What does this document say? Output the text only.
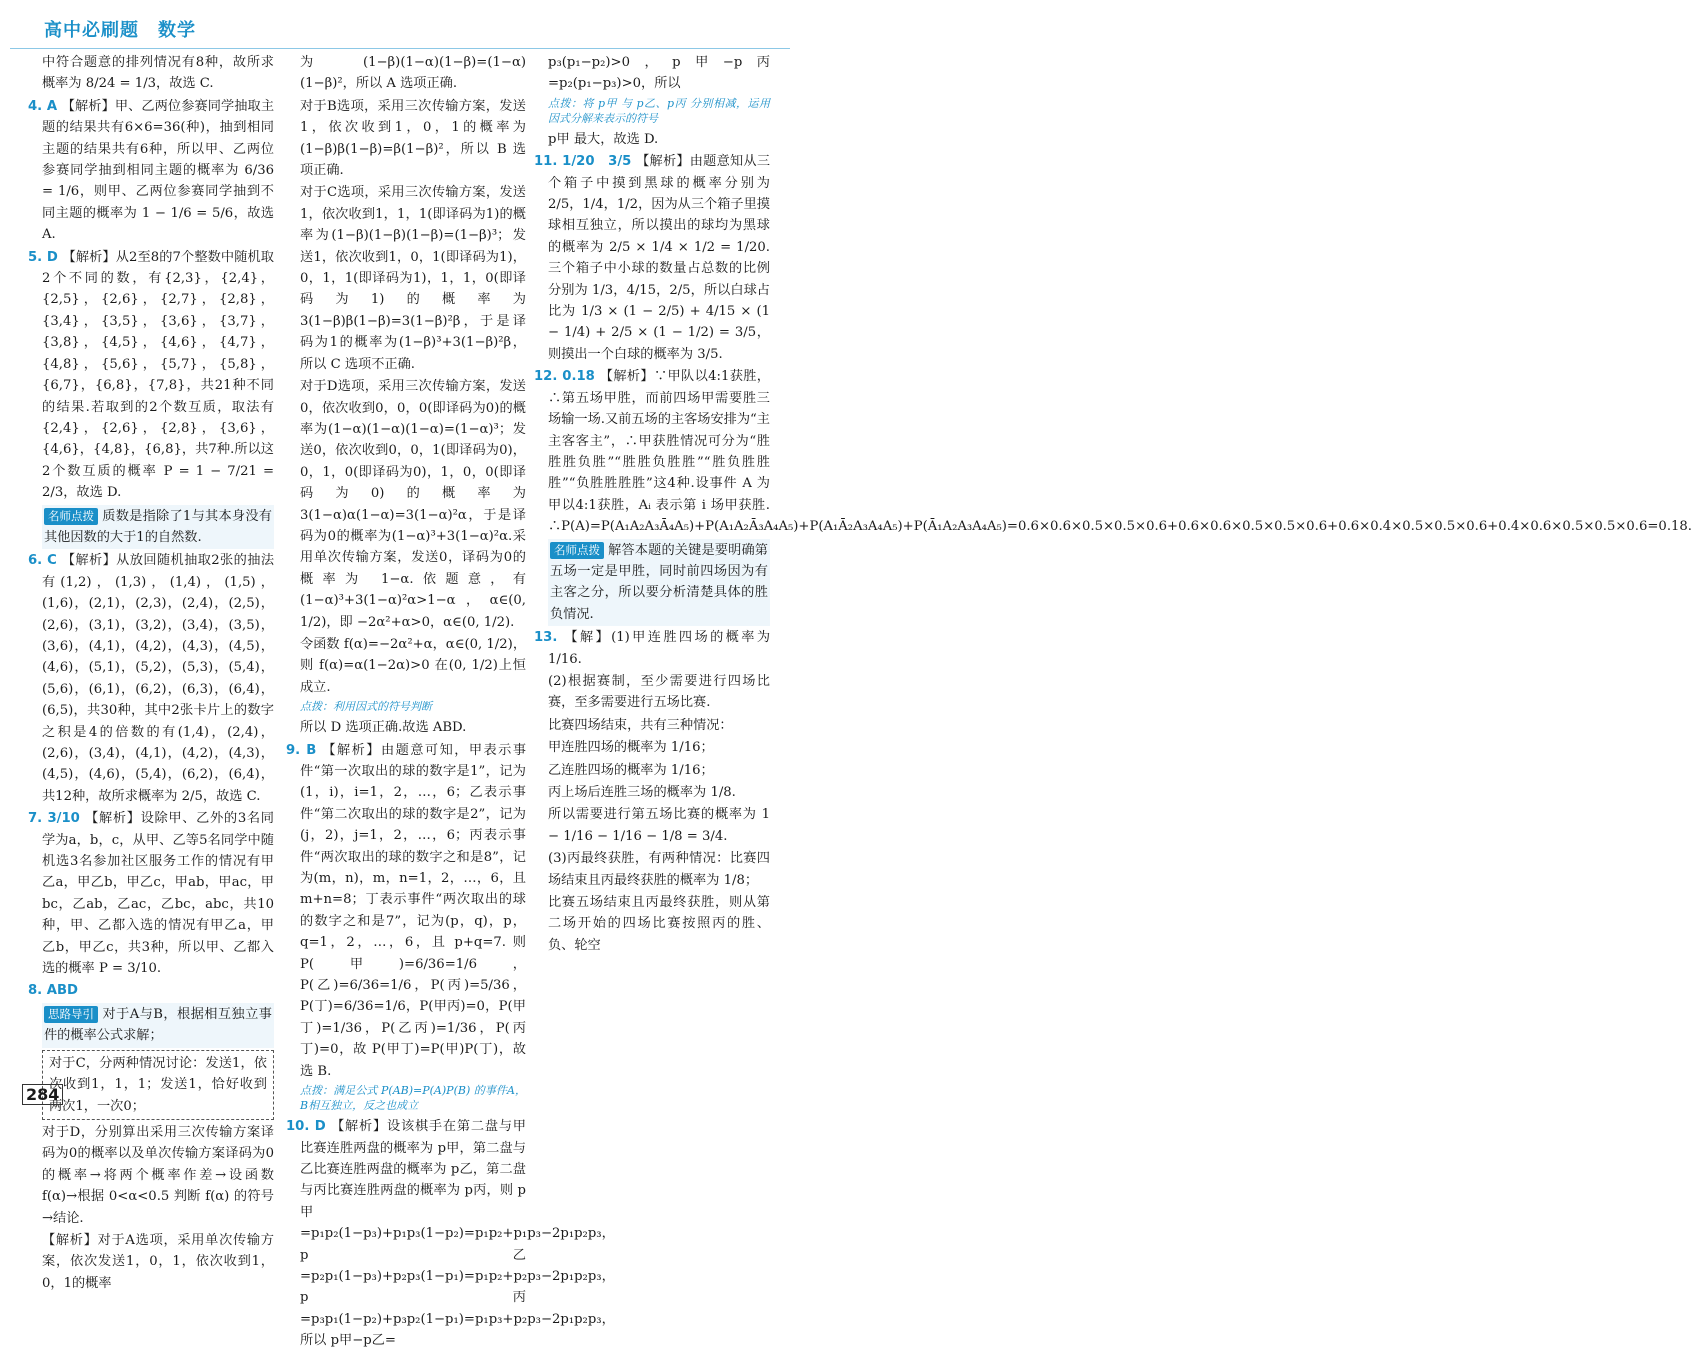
高中必刷题　数学
中符合题意的排列情况有8种，故所求概率为 8/24 = 1/3，故选 C.
4. A 【解析】甲、乙两位参赛同学抽取主题的结果共有6×6=36(种)，抽到相同主题的结果共有6种，所以甲、乙两位参赛同学抽到相同主题的概率为 6/36 = 1/6，则甲、乙两位参赛同学抽到不同主题的概率为 1 − 1/6 = 5/6，故选 A.
5. D 【解析】从2至8的7个整数中随机取2个不同的数，有{2,3}，{2,4}，{2,5}，{2,6}，{2,7}，{2,8}，{3,4}，{3,5}，{3,6}，{3,7}，{3,8}，{4,5}，{4,6}，{4,7}，{4,8}，{5,6}，{5,7}，{5,8}，{6,7}，{6,8}，{7,8}，共21种不同的结果.若取到的2个数互质，取法有{2,4}，{2,6}，{2,8}，{3,6}，{4,6}，{4,8}，{6,8}，共7种.所以这2个数互质的概率 P = 1 − 7/21 = 2/3，故选 D.
名师点拨 质数是指除了1与其本身没有其他因数的大于1的自然数.
6. C 【解析】从放回随机抽取2张的抽法有(1,2)，(1,3)，(1,4)，(1,5)，(1,6)，(2,1)，(2,3)，(2,4)，(2,5)，(2,6)，(3,1)，(3,2)，(3,4)，(3,5)，(3,6)，(4,1)，(4,2)，(4,3)，(4,5)，(4,6)，(5,1)，(5,2)，(5,3)，(5,4)，(5,6)，(6,1)，(6,2)，(6,3)，(6,4)，(6,5)，共30种，其中2张卡片上的数字之积是4的倍数的有(1,4)，(2,4)，(2,6)，(3,4)，(4,1)，(4,2)，(4,3)，(4,5)，(4,6)，(5,4)，(6,2)，(6,4)，共12种，故所求概率为 2/5，故选 C.
7. 3/10 【解析】设除甲、乙外的3名同学为a，b，c，从甲、乙等5名同学中随机选3名参加社区服务工作的情况有甲乙a，甲乙b，甲乙c，甲ab，甲ac，甲bc，乙ab，乙ac，乙bc，abc，共10种，甲、乙都入选的情况有甲乙a，甲乙b，甲乙c，共3种，所以甲、乙都入选的概率 P = 3/10.
8. ABD
思路导引 对于A与B，根据相互独立事件的概率公式求解；
对于C，分两种情况讨论：发送1，依次收到1，1，1；发送1，恰好收到两次1，一次0；
对于D，分别算出采用三次传输方案译码为0的概率以及单次传输方案译码为0的概率→将两个概率作差→设函数 f(α)→根据 0<α<0.5 判断 f(α) 的符号→结论.
【解析】对于A选项，采用单次传输方案，依次发送1，0，1，依次收到1，0，1的概率
为(1−β)(1−α)(1−β)=(1−α)(1−β)²，所以 A 选项正确.
对于B选项，采用三次传输方案，发送1，依次收到1，0，1的概率为(1−β)β(1−β)=β(1−β)²，所以 B 选项正确.
对于C选项，采用三次传输方案，发送1，依次收到1，1，1(即译码为1)的概率为(1−β)(1−β)(1−β)=(1−β)³；发送1，依次收到1，0，1(即译码为1)，0，1，1(即译码为1)，1，1，0(即译码为1)的概率为 3(1−β)β(1−β)=3(1−β)²β，于是译码为1的概率为(1−β)³+3(1−β)²β，所以 C 选项不正确.
对于D选项，采用三次传输方案，发送0，依次收到0，0，0(即译码为0)的概率为(1−α)(1−α)(1−α)=(1−α)³；发送0，依次收到0，0，1(即译码为0)，0，1，0(即译码为0)，1，0，0(即译码为0)的概率为 3(1−α)α(1−α)=3(1−α)²α，于是译码为0的概率为(1−α)³+3(1−α)²α.采用单次传输方案，发送0，译码为0的概率为 1−α.依题意，有(1−α)³+3(1−α)²α>1−α，α∈(0, 1/2)，即 −2α²+α>0，α∈(0, 1/2).
令函数 f(α)=−2α²+α，α∈(0, 1/2)，则 f(α)=α(1−2α)>0 在(0, 1/2)上恒成立.
点拨：利用因式的符号判断
所以 D 选项正确.故选 ABD.
9. B 【解析】由题意可知，甲表示事件“第一次取出的球的数字是1”，记为(1，i)，i=1，2，…，6；乙表示事件“第二次取出的球的数字是2”，记为(j，2)，j=1，2，…，6；丙表示事件“两次取出的球的数字之和是8”，记为(m，n)，m，n=1，2，…，6，且 m+n=8；丁表示事件“两次取出的球的数字之和是7”，记为(p，q)，p，q=1，2，…，6，且 p+q=7. 则 P(甲)=6/36=1/6，P(乙)=6/36=1/6，P(丙)=5/36，P(丁)=6/36=1/6，P(甲丙)=0，P(甲丁)=1/36，P(乙丙)=1/36，P(丙丁)=0，故 P(甲丁)=P(甲)P(丁)，故选 B.
点拨：满足公式 P(AB)=P(A)P(B) 的事件A，B相互独立，反之也成立
10. D 【解析】设该棋手在第二盘与甲比赛连胜两盘的概率为 p甲，第二盘与乙比赛连胜两盘的概率为 p乙，第二盘与丙比赛连胜两盘的概率为 p丙，则 p甲=p₁p₂(1−p₃)+p₁p₃(1−p₂)=p₁p₂+p₁p₃−2p₁p₂p₃，p乙=p₂p₁(1−p₃)+p₂p₃(1−p₁)=p₁p₂+p₂p₃−2p₁p₂p₃，p丙=p₃p₁(1−p₂)+p₃p₂(1−p₁)=p₁p₃+p₂p₃−2p₁p₂p₃，所以 p甲−p乙=
p₃(p₁−p₂)>0，p甲−p丙=p₂(p₁−p₃)>0，所以
点拨：将 p甲 与 p乙、p丙 分别相减，运用因式分解来表示的符号
p甲 最大，故选 D.
11. 1/20　3/5 【解析】由题意知从三个箱子中摸到黑球的概率分别为 2/5，1/4，1/2，因为从三个箱子里摸球相互独立，所以摸出的球均为黑球的概率为 2/5 × 1/4 × 1/2 = 1/20. 三个箱子中小球的数量占总数的比例分别为 1/3，4/15，2/5，所以白球占比为 1/3 × (1 − 2/5) + 4/15 × (1 − 1/4) + 2/5 × (1 − 1/2) = 3/5，则摸出一个白球的概率为 3/5.
12. 0.18 【解析】∵甲队以4:1获胜，∴第五场甲胜，而前四场甲需要胜三场输一场.又前五场的主客场安排为“主主客客主”，∴甲获胜情况可分为“胜胜胜负胜”“胜胜负胜胜”“胜负胜胜胜”“负胜胜胜胜”这4种.设事件 A 为甲以4:1获胜，Aᵢ 表示第 i 场甲获胜. ∴P(A)=P(A₁A₂A₃Ā₄A₅)+P(A₁A₂Ā₃A₄A₅)+P(A₁Ā₂A₃A₄A₅)+P(Ā₁A₂A₃A₄A₅)=0.6×0.6×0.5×0.5×0.6+0.6×0.6×0.5×0.5×0.6+0.6×0.4×0.5×0.5×0.6+0.4×0.6×0.5×0.5×0.6=0.18.
名师点拨 解答本题的关键是要明确第五场一定是甲胜，同时前四场因为有主客之分，所以要分析清楚具体的胜负情况.
13. 【解】(1)甲连胜四场的概率为 1/16.
(2)根据赛制，至少需要进行四场比赛，至多需要进行五场比赛.
比赛四场结束，共有三种情况：
甲连胜四场的概率为 1/16；
乙连胜四场的概率为 1/16；
丙上场后连胜三场的概率为 1/8.
所以需要进行第五场比赛的概率为 1 − 1/16 − 1/16 − 1/8 = 3/4.
(3)丙最终获胜，有两种情况：比赛四场结束且丙最终获胜的概率为 1/8；
比赛五场结束且丙最终获胜，则从第二场开始的四场比赛按照丙的胜、负、轮空
284
